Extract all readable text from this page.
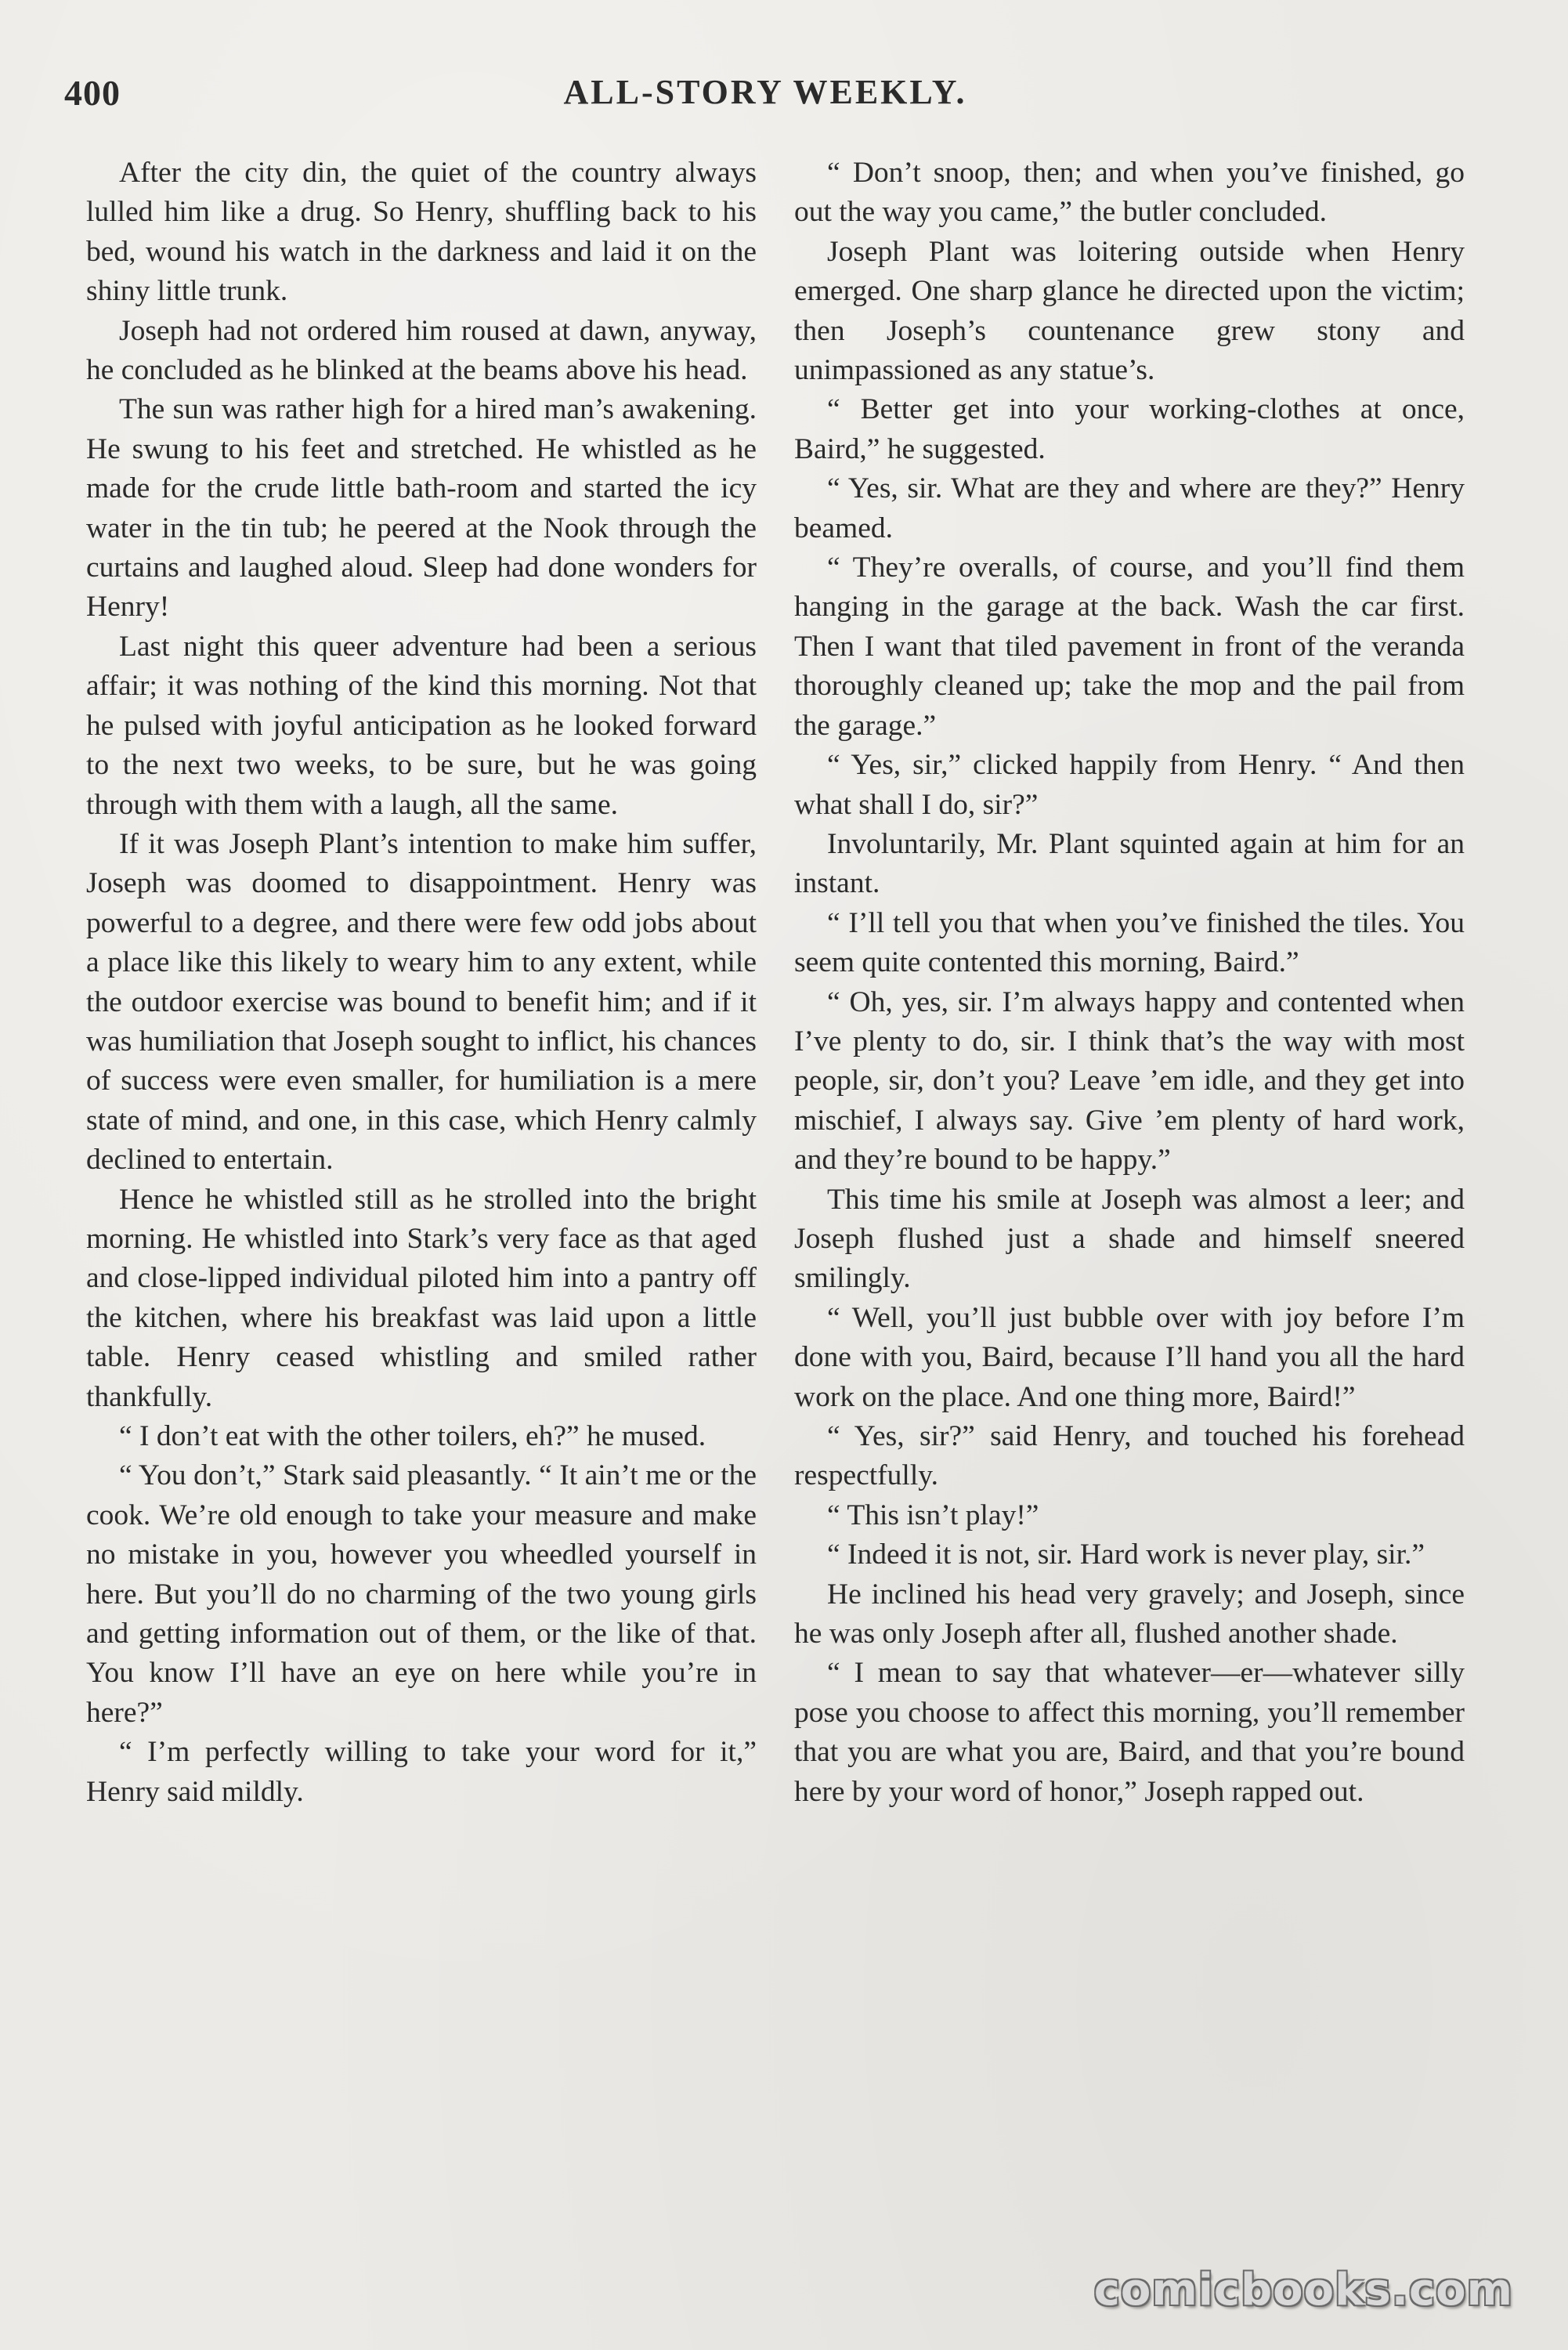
400	ALL-STORY WEEKLY.

After the city din, the quiet of the country always lulled him like a drug. So Henry, shuffling back to his bed, wound his watch in the darkness and laid it on the shiny little trunk.

Joseph had not ordered him roused at dawn, anyway, he concluded as he blinked at the beams above his head.

The sun was rather high for a hired man’s awakening. He swung to his feet and stretched. He whistled as he made for the crude little bath-room and started the icy water in the tin tub; he peered at the Nook through the curtains and laughed aloud. Sleep had done wonders for Henry!

Last night this queer adventure had been a serious affair; it was nothing of the kind this morning. Not that he pulsed with joyful anticipation as he looked forward to the next two weeks, to be sure, but he was going through with them with a laugh, all the same.

If it was Joseph Plant’s intention to make him suffer, Joseph was doomed to disappointment. Henry was powerful to a degree, and there were few odd jobs about a place like this likely to weary him to any extent, while the outdoor exercise was bound to benefit him; and if it was humiliation that Joseph sought to inflict, his chances of success were even smaller, for humiliation is a mere state of mind, and one, in this case, which Henry calmly declined to entertain.

Hence he whistled still as he strolled into the bright morning. He whistled into Stark’s very face as that aged and close-lipped individual piloted him into a pantry off the kitchen, where his breakfast was laid upon a little table. Henry ceased whistling and smiled rather thankfully.

“ I don’t eat with the other toilers, eh?” he mused.

“ You don’t,” Stark said pleasantly. “ It ain’t me or the cook. We’re old enough to take your measure and make no mistake in you, however you wheedled yourself in here. But you’ll do no charming of the two young girls and getting information out of them, or the like of that. You know I’ll have an eye on here while you’re in here?”

“ I’m perfectly willing to take your word for it,” Henry said mildly.

“ Don’t snoop, then; and when you’ve finished, go out the way you came,” the butler concluded.

Joseph Plant was loitering outside when Henry emerged. One sharp glance he directed upon the victim; then Joseph’s countenance grew stony and unimpassioned as any statue’s.

“ Better get into your working-clothes at once, Baird,” he suggested.

“ Yes, sir. What are they and where are they?” Henry beamed.

“ They’re overalls, of course, and you’ll find them hanging in the garage at the back. Wash the car first. Then I want that tiled pavement in front of the veranda thoroughly cleaned up; take the mop and the pail from the garage.”

“ Yes, sir,” clicked happily from Henry. “ And then what shall I do, sir?”

Involuntarily, Mr. Plant squinted again at him for an instant.

“ I’ll tell you that when you’ve finished the tiles. You seem quite contented this morning, Baird.”

“ Oh, yes, sir. I’m always happy and contented when I’ve plenty to do, sir. I think that’s the way with most people, sir, don’t you? Leave ’em idle, and they get into mischief, I always say. Give ’em plenty of hard work, and they’re bound to be happy.”

This time his smile at Joseph was almost a leer; and Joseph flushed just a shade and himself sneered smilingly.

“ Well, you’ll just bubble over with joy before I’m done with you, Baird, because I’ll hand you all the hard work on the place. And one thing more, Baird!”

“ Yes, sir?” said Henry, and touched his forehead respectfully.

“ This isn’t play!”

“ Indeed it is not, sir. Hard work is never play, sir.”

He inclined his head very gravely; and Joseph, since he was only Joseph after all, flushed another shade.

“ I mean to say that whatever—er—whatever silly pose you choose to affect this morning, you’ll remember that you are what you are, Baird, and that you’re bound here by your word of honor,” Joseph rapped out.

comicbooks.com
